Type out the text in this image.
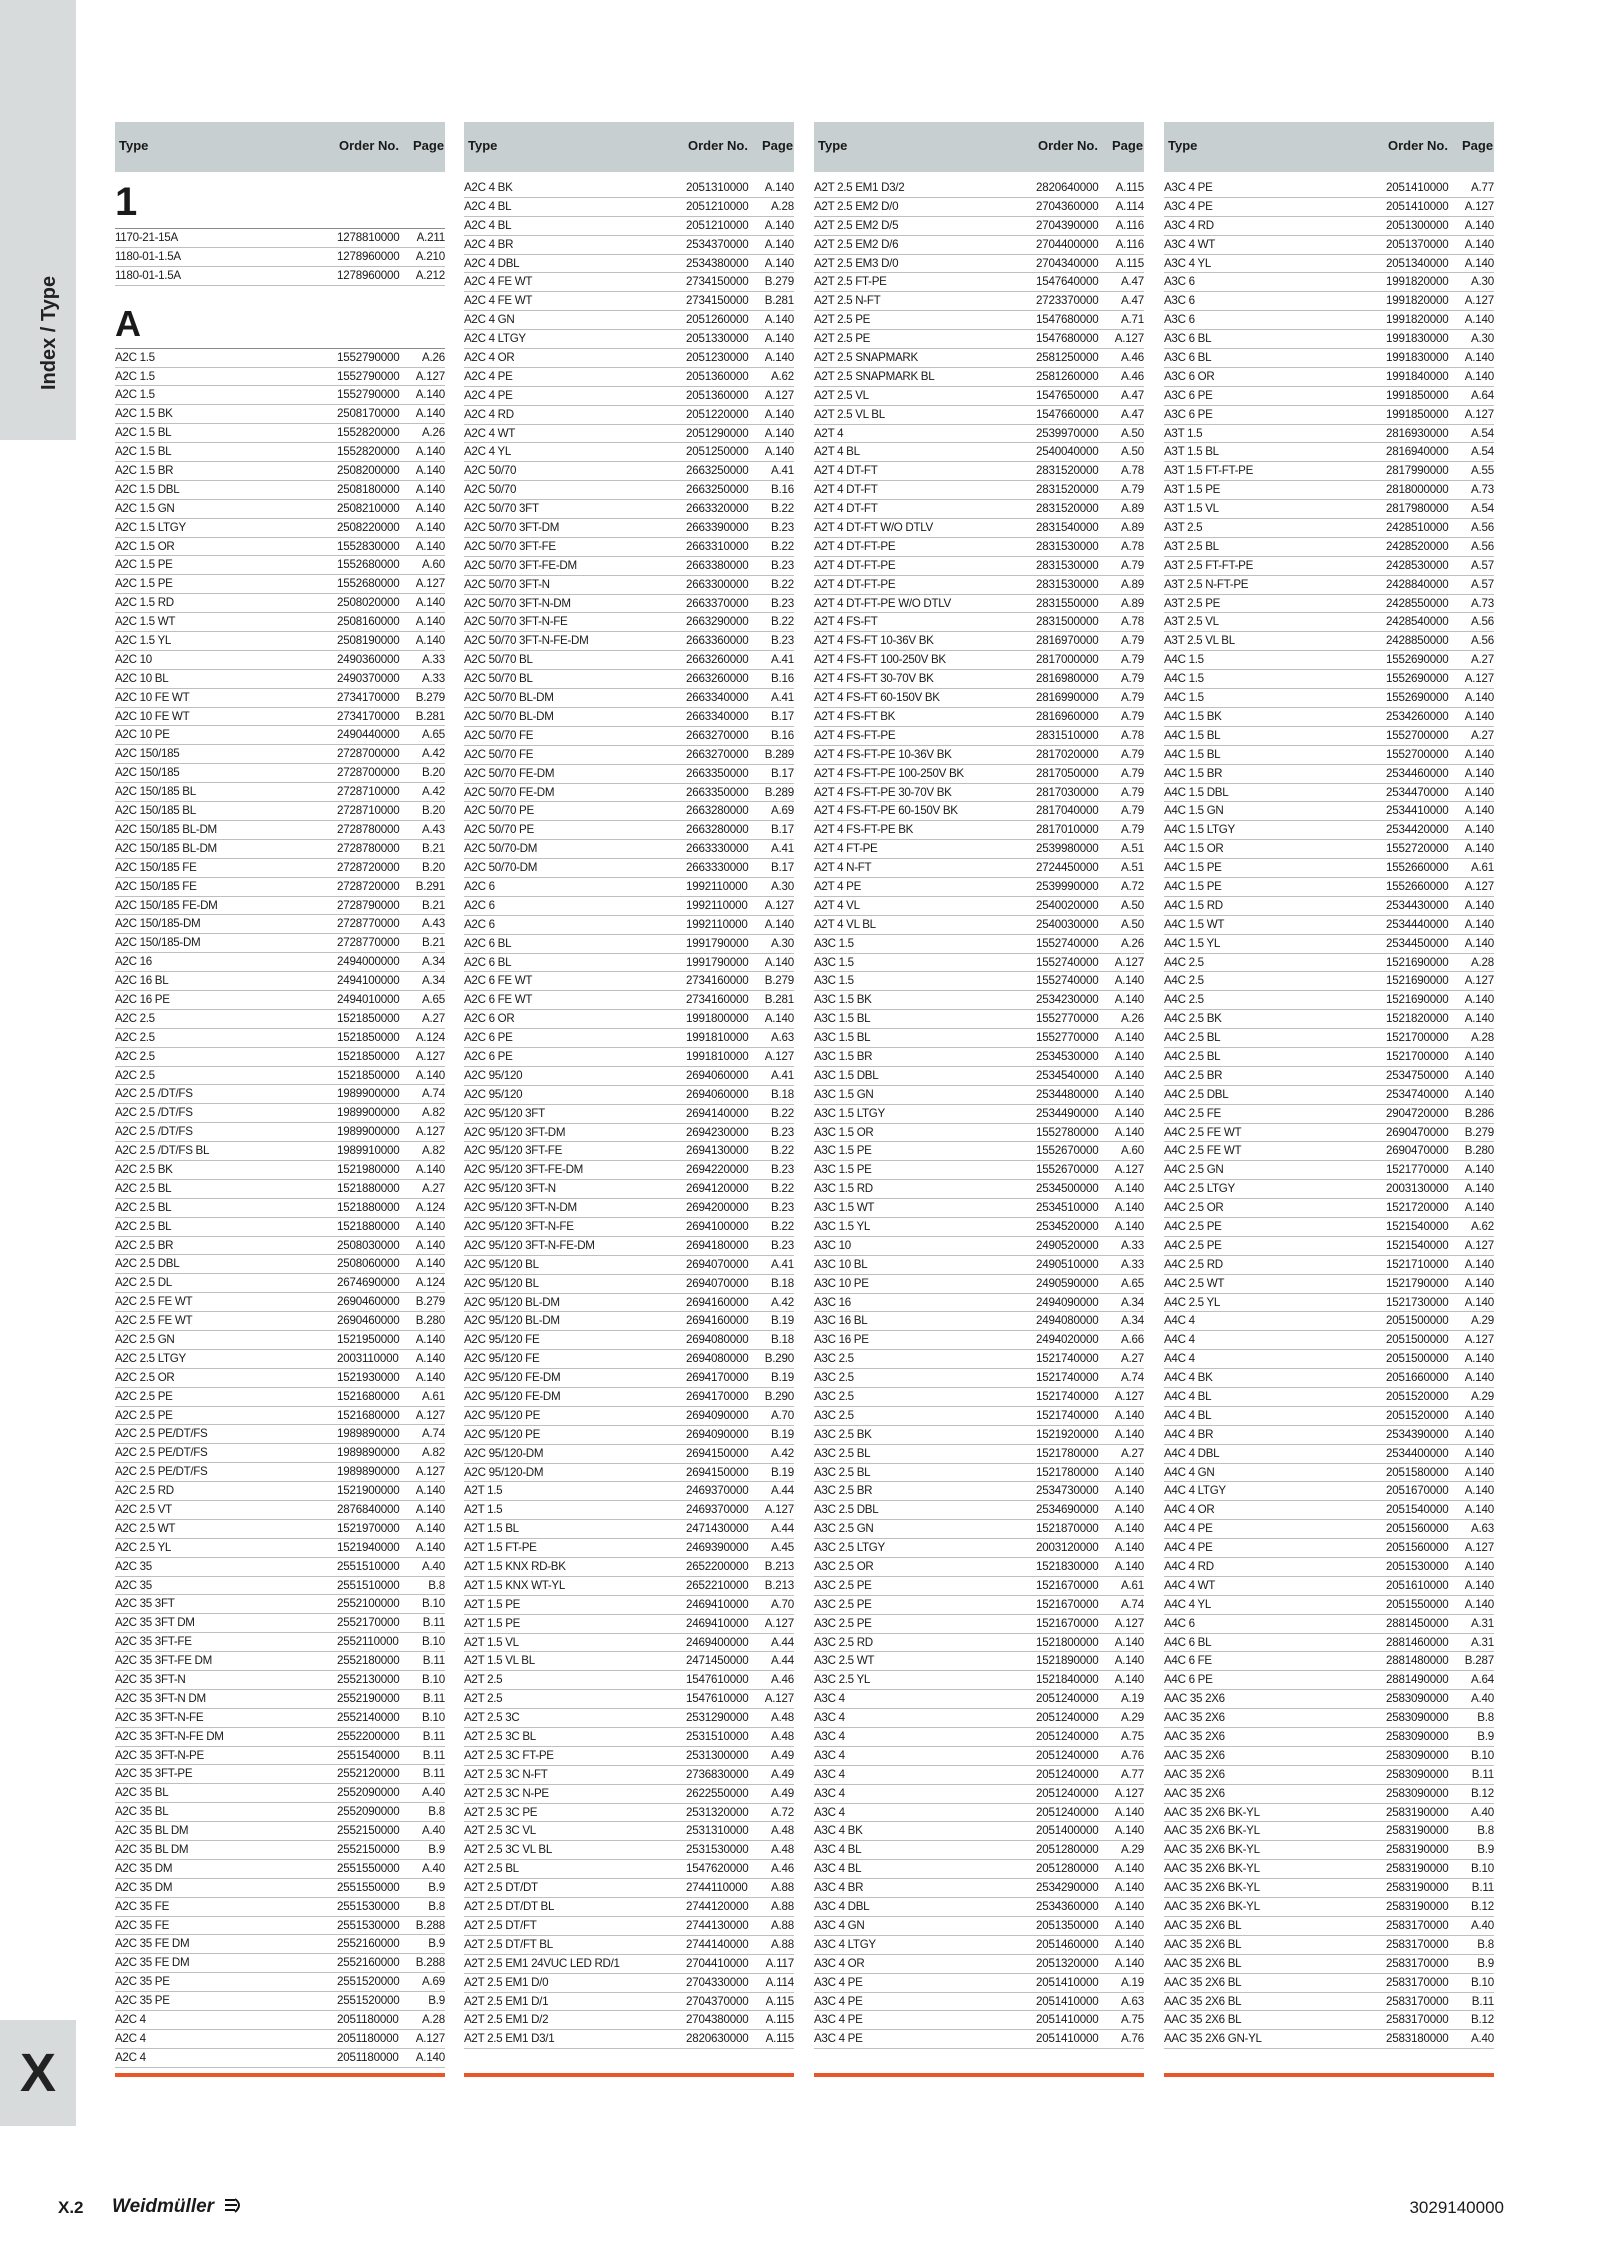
Index / Type
X
Type	Order No. Page
1
1170-21-15A	1278810000 A.211
1180-01-1.5A	1278960000 A.210
1180-01-1.5A	1278960000 A.212
A
A2C 1.5	1552790000 A.26
A2C 1.5	1552790000 A.127
A2C 1.5	1552790000 A.140
A2C 1.5 BK	2508170000 A.140
A2C 1.5 BL	1552820000 A.26
A2C 1.5 BL	1552820000 A.140
A2C 1.5 BR	2508200000 A.140
A2C 1.5 DBL	2508180000 A.140
A2C 1.5 GN	2508210000 A.140
A2C 1.5 LTGY	2508220000 A.140
A2C 1.5 OR	1552830000 A.140
A2C 1.5 PE	1552680000 A.60
A2C 1.5 PE	1552680000 A.127
A2C 1.5 RD	2508020000 A.140
A2C 1.5 WT	2508160000 A.140
A2C 1.5 YL	2508190000 A.140
A2C 10	2490360000 A.33
A2C 10 BL	2490370000 A.33
A2C 10 FE WT	2734170000 B.279
A2C 10 FE WT	2734170000 B.281
A2C 10 PE	2490440000 A.65
A2C 150/185	2728700000 A.42
A2C 150/185	2728700000 B.20
A2C 150/185 BL	2728710000 A.42
A2C 150/185 BL	2728710000 B.20
A2C 150/185 BL-DM	2728780000 A.43
A2C 150/185 BL-DM	2728780000 B.21
A2C 150/185 FE	2728720000 B.20
A2C 150/185 FE	2728720000 B.291
A2C 150/185 FE-DM	2728790000 B.21
A2C 150/185-DM	2728770000 A.43
A2C 150/185-DM	2728770000 B.21
A2C 16	2494000000 A.34
A2C 16 BL	2494100000 A.34
A2C 16 PE	2494010000 A.65
A2C 2.5	1521850000 A.27
A2C 2.5	1521850000 A.124
A2C 2.5	1521850000 A.127
A2C 2.5	1521850000 A.140
A2C 2.5 /DT/FS	1989900000 A.74
A2C 2.5 /DT/FS	1989900000 A.82
A2C 2.5 /DT/FS	1989900000 A.127
A2C 2.5 /DT/FS BL	1989910000 A.82
A2C 2.5 BK	1521980000 A.140
A2C 2.5 BL	1521880000 A.27
A2C 2.5 BL	1521880000 A.124
A2C 2.5 BL	1521880000 A.140
A2C 2.5 BR	2508030000 A.140
A2C 2.5 DBL	2508060000 A.140
A2C 2.5 DL	2674690000 A.124
A2C 2.5 FE WT	2690460000 B.279
A2C 2.5 FE WT	2690460000 B.280
A2C 2.5 GN	1521950000 A.140
A2C 2.5 LTGY	2003110000 A.140
A2C 2.5 OR	1521930000 A.140
A2C 2.5 PE	1521680000 A.61
A2C 2.5 PE	1521680000 A.127
A2C 2.5 PE/DT/FS	1989890000 A.74
A2C 2.5 PE/DT/FS	1989890000 A.82
A2C 2.5 PE/DT/FS	1989890000 A.127
A2C 2.5 RD	1521900000 A.140
A2C 2.5 VT	2876840000 A.140
A2C 2.5 WT	1521970000 A.140
A2C 2.5 YL	1521940000 A.140
A2C 35	2551510000 A.40
A2C 35	2551510000 B.8
A2C 35 3FT	2552100000 B.10
A2C 35 3FT DM	2552170000 B.11
A2C 35 3FT-FE	2552110000 B.10
A2C 35 3FT-FE DM	2552180000 B.11
A2C 35 3FT-N	2552130000 B.10
A2C 35 3FT-N DM	2552190000 B.11
A2C 35 3FT-N-FE	2552140000 B.10
A2C 35 3FT-N-FE DM	2552200000 B.11
A2C 35 3FT-N-PE	2551540000 B.11
A2C 35 3FT-PE	2552120000 B.11
A2C 35 BL	2552090000 A.40
A2C 35 BL	2552090000 B.8
A2C 35 BL DM	2552150000 A.40
A2C 35 BL DM	2552150000 B.9
A2C 35 DM	2551550000 A.40
A2C 35 DM	2551550000 B.9
A2C 35 FE	2551530000 B.8
A2C 35 FE	2551530000 B.288
A2C 35 FE DM	2552160000 B.9
A2C 35 FE DM	2552160000 B.288
A2C 35 PE	2551520000 A.69
A2C 35 PE	2551520000 B.9
A2C 4	2051180000 A.28
A2C 4	2051180000 A.127
A2C 4	2051180000 A.140
Type	Order No. Page
A2C 4 BK	2051310000 A.140
A2C 4 BL	2051210000 A.28
A2C 4 BL	2051210000 A.140
A2C 4 BR	2534370000 A.140
A2C 4 DBL	2534380000 A.140
A2C 4 FE WT	2734150000 B.279
A2C 4 FE WT	2734150000 B.281
A2C 4 GN	2051260000 A.140
A2C 4 LTGY	2051330000 A.140
A2C 4 OR	2051230000 A.140
A2C 4 PE	2051360000 A.62
A2C 4 PE	2051360000 A.127
A2C 4 RD	2051220000 A.140
A2C 4 WT	2051290000 A.140
A2C 4 YL	2051250000 A.140
A2C 50/70	2663250000 A.41
A2C 50/70	2663250000 B.16
A2C 50/70 3FT	2663320000 B.22
A2C 50/70 3FT-DM	2663390000 B.23
A2C 50/70 3FT-FE	2663310000 B.22
A2C 50/70 3FT-FE-DM	2663380000 B.23
A2C 50/70 3FT-N	2663300000 B.22
A2C 50/70 3FT-N-DM	2663370000 B.23
A2C 50/70 3FT-N-FE	2663290000 B.22
A2C 50/70 3FT-N-FE-DM	2663360000 B.23
A2C 50/70 BL	2663260000 A.41
A2C 50/70 BL	2663260000 B.16
A2C 50/70 BL-DM	2663340000 A.41
A2C 50/70 BL-DM	2663340000 B.17
A2C 50/70 FE	2663270000 B.16
A2C 50/70 FE	2663270000 B.289
A2C 50/70 FE-DM	2663350000 B.17
A2C 50/70 FE-DM	2663350000 B.289
A2C 50/70 PE	2663280000 A.69
A2C 50/70 PE	2663280000 B.17
A2C 50/70-DM	2663330000 A.41
A2C 50/70-DM	2663330000 B.17
A2C 6	1992110000 A.30
A2C 6	1992110000 A.127
A2C 6	1992110000 A.140
A2C 6 BL	1991790000 A.30
A2C 6 BL	1991790000 A.140
A2C 6 FE WT	2734160000 B.279
A2C 6 FE WT	2734160000 B.281
A2C 6 OR	1991800000 A.140
A2C 6 PE	1991810000 A.63
A2C 6 PE	1991810000 A.127
A2C 95/120	2694060000 A.41
A2C 95/120	2694060000 B.18
A2C 95/120 3FT	2694140000 B.22
A2C 95/120 3FT-DM	2694230000 B.23
A2C 95/120 3FT-FE	2694130000 B.22
A2C 95/120 3FT-FE-DM	2694220000 B.23
A2C 95/120 3FT-N	2694120000 B.22
A2C 95/120 3FT-N-DM	2694200000 B.23
A2C 95/120 3FT-N-FE	2694100000 B.22
A2C 95/120 3FT-N-FE-DM	2694180000 B.23
A2C 95/120 BL	2694070000 A.41
A2C 95/120 BL	2694070000 B.18
A2C 95/120 BL-DM	2694160000 A.42
A2C 95/120 BL-DM	2694160000 B.19
A2C 95/120 FE	2694080000 B.18
A2C 95/120 FE	2694080000 B.290
A2C 95/120 FE-DM	2694170000 B.19
A2C 95/120 FE-DM	2694170000 B.290
A2C 95/120 PE	2694090000 A.70
A2C 95/120 PE	2694090000 B.19
A2C 95/120-DM	2694150000 A.42
A2C 95/120-DM	2694150000 B.19
A2T 1.5	2469370000 A.44
A2T 1.5	2469370000 A.127
A2T 1.5 BL	2471430000 A.44
A2T 1.5 FT-PE	2469390000 A.45
A2T 1.5 KNX RD-BK	2652200000 B.213
A2T 1.5 KNX WT-YL	2652210000 B.213
A2T 1.5 PE	2469410000 A.70
A2T 1.5 PE	2469410000 A.127
A2T 1.5 VL	2469400000 A.44
A2T 1.5 VL BL	2471450000 A.44
A2T 2.5	1547610000 A.46
A2T 2.5	1547610000 A.127
A2T 2.5 3C	2531290000 A.48
A2T 2.5 3C BL	2531510000 A.48
A2T 2.5 3C FT-PE	2531300000 A.49
A2T 2.5 3C N-FT	2736830000 A.49
A2T 2.5 3C N-PE	2622550000 A.49
A2T 2.5 3C PE	2531320000 A.72
A2T 2.5 3C VL	2531310000 A.48
A2T 2.5 3C VL BL	2531530000 A.48
A2T 2.5 BL	1547620000 A.46
A2T 2.5 DT/DT	2744110000 A.88
A2T 2.5 DT/DT BL	2744120000 A.88
A2T 2.5 DT/FT	2744130000 A.88
A2T 2.5 DT/FT BL	2744140000 A.88
A2T 2.5 EM1 24VUC LED RD/1	2704410000 A.117
A2T 2.5 EM1 D/0	2704330000 A.114
A2T 2.5 EM1 D/1	2704370000 A.115
A2T 2.5 EM1 D/2	2704380000 A.115
A2T 2.5 EM1 D3/1	2820630000 A.115
Type	Order No. Page
A2T 2.5 EM1 D3/2	2820640000 A.115
A2T 2.5 EM2 D/0	2704360000 A.114
A2T 2.5 EM2 D/5	2704390000 A.116
A2T 2.5 EM2 D/6	2704400000 A.116
A2T 2.5 EM3 D/0	2704340000 A.115
A2T 2.5 FT-PE	1547640000 A.47
A2T 2.5 N-FT	2723370000 A.47
A2T 2.5 PE	1547680000 A.71
A2T 2.5 PE	1547680000 A.127
A2T 2.5 SNAPMARK	2581250000 A.46
A2T 2.5 SNAPMARK BL	2581260000 A.46
A2T 2.5 VL	1547650000 A.47
A2T 2.5 VL BL	1547660000 A.47
A2T 4	2539970000 A.50
A2T 4 BL	2540040000 A.50
A2T 4 DT-FT	2831520000 A.78
A2T 4 DT-FT	2831520000 A.79
A2T 4 DT-FT	2831520000 A.89
A2T 4 DT-FT W/O DTLV	2831540000 A.89
A2T 4 DT-FT-PE	2831530000 A.78
A2T 4 DT-FT-PE	2831530000 A.79
A2T 4 DT-FT-PE	2831530000 A.89
A2T 4 DT-FT-PE W/O DTLV	2831550000 A.89
A2T 4 FS-FT	2831500000 A.78
A2T 4 FS-FT 10-36V BK	2816970000 A.79
A2T 4 FS-FT 100-250V BK	2817000000 A.79
A2T 4 FS-FT 30-70V BK	2816980000 A.79
A2T 4 FS-FT 60-150V BK	2816990000 A.79
A2T 4 FS-FT BK	2816960000 A.79
A2T 4 FS-FT-PE	2831510000 A.78
A2T 4 FS-FT-PE 10-36V BK	2817020000 A.79
A2T 4 FS-FT-PE 100-250V BK	2817050000 A.79
A2T 4 FS-FT-PE 30-70V BK	2817030000 A.79
A2T 4 FS-FT-PE 60-150V BK	2817040000 A.79
A2T 4 FS-FT-PE BK	2817010000 A.79
A2T 4 FT-PE	2539980000 A.51
A2T 4 N-FT	2724450000 A.51
A2T 4 PE	2539990000 A.72
A2T 4 VL	2540020000 A.50
A2T 4 VL BL	2540030000 A.50
A3C 1.5	1552740000 A.26
A3C 1.5	1552740000 A.127
A3C 1.5	1552740000 A.140
A3C 1.5 BK	2534230000 A.140
A3C 1.5 BL	1552770000 A.26
A3C 1.5 BL	1552770000 A.140
A3C 1.5 BR	2534530000 A.140
A3C 1.5 DBL	2534540000 A.140
A3C 1.5 GN	2534480000 A.140
A3C 1.5 LTGY	2534490000 A.140
A3C 1.5 OR	1552780000 A.140
A3C 1.5 PE	1552670000 A.60
A3C 1.5 PE	1552670000 A.127
A3C 1.5 RD	2534500000 A.140
A3C 1.5 WT	2534510000 A.140
A3C 1.5 YL	2534520000 A.140
A3C 10	2490520000 A.33
A3C 10 BL	2490510000 A.33
A3C 10 PE	2490590000 A.65
A3C 16	2494090000 A.34
A3C 16 BL	2494080000 A.34
A3C 16 PE	2494020000 A.66
A3C 2.5	1521740000 A.27
A3C 2.5	1521740000 A.74
A3C 2.5	1521740000 A.127
A3C 2.5	1521740000 A.140
A3C 2.5 BK	1521920000 A.140
A3C 2.5 BL	1521780000 A.27
A3C 2.5 BL	1521780000 A.140
A3C 2.5 BR	2534730000 A.140
A3C 2.5 DBL	2534690000 A.140
A3C 2.5 GN	1521870000 A.140
A3C 2.5 LTGY	2003120000 A.140
A3C 2.5 OR	1521830000 A.140
A3C 2.5 PE	1521670000 A.61
A3C 2.5 PE	1521670000 A.74
A3C 2.5 PE	1521670000 A.127
A3C 2.5 RD	1521800000 A.140
A3C 2.5 WT	1521890000 A.140
A3C 2.5 YL	1521840000 A.140
A3C 4	2051240000 A.19
A3C 4	2051240000 A.29
A3C 4	2051240000 A.75
A3C 4	2051240000 A.76
A3C 4	2051240000 A.77
A3C 4	2051240000 A.127
A3C 4	2051240000 A.140
A3C 4 BK	2051400000 A.140
A3C 4 BL	2051280000 A.29
A3C 4 BL	2051280000 A.140
A3C 4 BR	2534290000 A.140
A3C 4 DBL	2534360000 A.140
A3C 4 GN	2051350000 A.140
A3C 4 LTGY	2051460000 A.140
A3C 4 OR	2051320000 A.140
A3C 4 PE	2051410000 A.19
A3C 4 PE	2051410000 A.63
A3C 4 PE	2051410000 A.75
A3C 4 PE	2051410000 A.76
Type	Order No. Page
A3C 4 PE	2051410000 A.77
A3C 4 PE	2051410000 A.127
A3C 4 RD	2051300000 A.140
A3C 4 WT	2051370000 A.140
A3C 4 YL	2051340000 A.140
A3C 6	1991820000 A.30
A3C 6	1991820000 A.127
A3C 6	1991820000 A.140
A3C 6 BL	1991830000 A.30
A3C 6 BL	1991830000 A.140
A3C 6 OR	1991840000 A.140
A3C 6 PE	1991850000 A.64
A3C 6 PE	1991850000 A.127
A3T 1.5	2816930000 A.54
A3T 1.5 BL	2816940000 A.54
A3T 1.5 FT-FT-PE	2817990000 A.55
A3T 1.5 PE	2818000000 A.73
A3T 1.5 VL	2817980000 A.54
A3T 2.5	2428510000 A.56
A3T 2.5 BL	2428520000 A.56
A3T 2.5 FT-FT-PE	2428530000 A.57
A3T 2.5 N-FT-PE	2428840000 A.57
A3T 2.5 PE	2428550000 A.73
A3T 2.5 VL	2428540000 A.56
A3T 2.5 VL BL	2428850000 A.56
A4C 1.5	1552690000 A.27
A4C 1.5	1552690000 A.127
A4C 1.5	1552690000 A.140
A4C 1.5 BK	2534260000 A.140
A4C 1.5 BL	1552700000 A.27
A4C 1.5 BL	1552700000 A.140
A4C 1.5 BR	2534460000 A.140
A4C 1.5 DBL	2534470000 A.140
A4C 1.5 GN	2534410000 A.140
A4C 1.5 LTGY	2534420000 A.140
A4C 1.5 OR	1552720000 A.140
A4C 1.5 PE	1552660000 A.61
A4C 1.5 PE	1552660000 A.127
A4C 1.5 RD	2534430000 A.140
A4C 1.5 WT	2534440000 A.140
A4C 1.5 YL	2534450000 A.140
A4C 2.5	1521690000 A.28
A4C 2.5	1521690000 A.127
A4C 2.5	1521690000 A.140
A4C 2.5 BK	1521820000 A.140
A4C 2.5 BL	1521700000 A.28
A4C 2.5 BL	1521700000 A.140
A4C 2.5 BR	2534750000 A.140
A4C 2.5 DBL	2534740000 A.140
A4C 2.5 FE	2904720000 B.286
A4C 2.5 FE WT	2690470000 B.279
A4C 2.5 FE WT	2690470000 B.280
A4C 2.5 GN	1521770000 A.140
A4C 2.5 LTGY	2003130000 A.140
A4C 2.5 OR	1521720000 A.140
A4C 2.5 PE	1521540000 A.62
A4C 2.5 PE	1521540000 A.127
A4C 2.5 RD	1521710000 A.140
A4C 2.5 WT	1521790000 A.140
A4C 2.5 YL	1521730000 A.140
A4C 4	2051500000 A.29
A4C 4	2051500000 A.127
A4C 4	2051500000 A.140
A4C 4 BK	2051660000 A.140
A4C 4 BL	2051520000 A.29
A4C 4 BL	2051520000 A.140
A4C 4 BR	2534390000 A.140
A4C 4 DBL	2534400000 A.140
A4C 4 GN	2051580000 A.140
A4C 4 LTGY	2051670000 A.140
A4C 4 OR	2051540000 A.140
A4C 4 PE	2051560000 A.63
A4C 4 PE	2051560000 A.127
A4C 4 RD	2051530000 A.140
A4C 4 WT	2051610000 A.140
A4C 4 YL	2051550000 A.140
A4C 6	2881450000 A.31
A4C 6 BL	2881460000 A.31
A4C 6 FE	2881480000 B.287
A4C 6 PE	2881490000 A.64
AAC 35 2X6	2583090000 A.40
AAC 35 2X6	2583090000 B.8
AAC 35 2X6	2583090000 B.9
AAC 35 2X6	2583090000 B.10
AAC 35 2X6	2583090000 B.11
AAC 35 2X6	2583090000 B.12
AAC 35 2X6 BK-YL	2583190000 A.40
AAC 35 2X6 BK-YL	2583190000 B.8
AAC 35 2X6 BK-YL	2583190000 B.9
AAC 35 2X6 BK-YL	2583190000 B.10
AAC 35 2X6 BK-YL	2583190000 B.11
AAC 35 2X6 BK-YL	2583190000 B.12
AAC 35 2X6 BL	2583170000 A.40
AAC 35 2X6 BL	2583170000 B.8
AAC 35 2X6 BL	2583170000 B.9
AAC 35 2X6 BL	2583170000 B.10
AAC 35 2X6 BL	2583170000 B.11
AAC 35 2X6 BL	2583170000 B.12
AAC 35 2X6 GN-YL	2583180000 A.40
X.2 Weidmüller	3029140000
